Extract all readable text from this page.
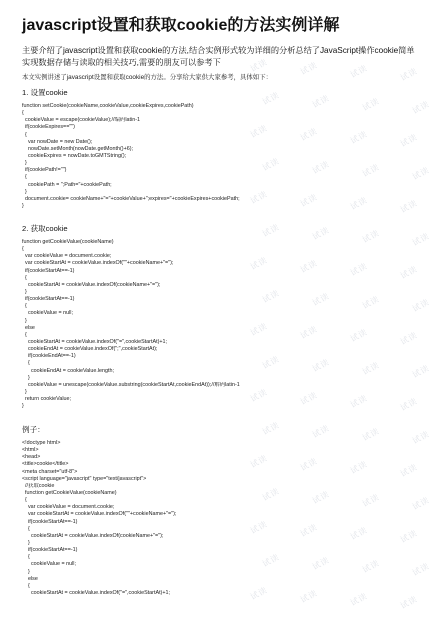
javascript设置和获取cookie的方法实例详解
主要介绍了javascript设置和获取cookie的方法,结合实例形式较为详细的分析总结了JavaScript操作cookie简单实现数据存储与读取的相关技巧,需要的朋友可以参考下
本文实例讲述了javascript设置和获取cookie的方法。分享给大家供大家参考，具体如下：
1. 设置cookie
function setCookie(cookieName,cookieValue,cookieExpires,cookiePath)
{
cookieValue = escape(cookieValue);//编码latin-1
if(cookieExpires=="")
{
var nowDate = new Date();
nowDate.setMonth(nowDate.getMonth()+6);
cookieExpires = nowDate.toGMTString();
}
if(cookiePath!="")
{
cookiePath = ";Path="+cookiePath;
}
document.cookie= cookieName+"="+cookieValue+";expires="+cookieExpires+cookiePath;
}
2. 获取cookie
function getCookieValue(cookieName)
{
var cookieValue = document.cookie;
var cookieStartAt = cookieValue.indexOf(""+cookieName+"=");
if(cookieStartAt==-1)
{
cookieStartAt = cookieValue.indexOf(cookieName+"=");
}
if(cookieStartAt==-1)
{
cookieValue = null;
}
else
{
cookieStartAt = cookieValue.indexOf("=",cookieStartAt)+1;
cookieEndAt = cookieValue.indexOf(";",cookieStartAt);
if(cookieEndAt==-1)
{
cookieEndAt = cookieValue.length;
}
cookieValue = unescape(cookieValue.substring(cookieStartAt,cookieEndAt));//解码latin-1
}
return cookieValue;
}
例子：
<!doctype html>
<html>
<head>
<title>cookie</title>
<meta charset="utf-8">
<script language="javascript" type="text/javascript">
//获取cookie
function getCookieValue(cookieName)
{
var cookieValue = document.cookie;
var cookieStartAt = cookieValue.indexOf(""+cookieName+"=");
if(cookieStartAt==-1)
{
cookieStartAt = cookieValue.indexOf(cookieName+"=");
}
if(cookieStartAt==-1)
{
cookieValue = null;
}
else
{
cookieStartAt = cookieValue.indexOf("=",cookieStartAt)+1;
试读	试读	试读	试读
试读	试读	试读	试读
试读	试读	试读	试读
试读	试读	试读	试读
试读	试读	试读	试读
试读	试读	试读	试读
试读	试读	试读	试读
试读	试读	试读	试读
试读	试读	试读	试读
试读	试读	试读	试读
试读	试读	试读	试读
试读	试读	试读	试读
试读	试读	试读	试读
试读	试读	试读	试读
试读	试读	试读	试读
试读	试读	试读	试读
试读	试读	试读	试读
